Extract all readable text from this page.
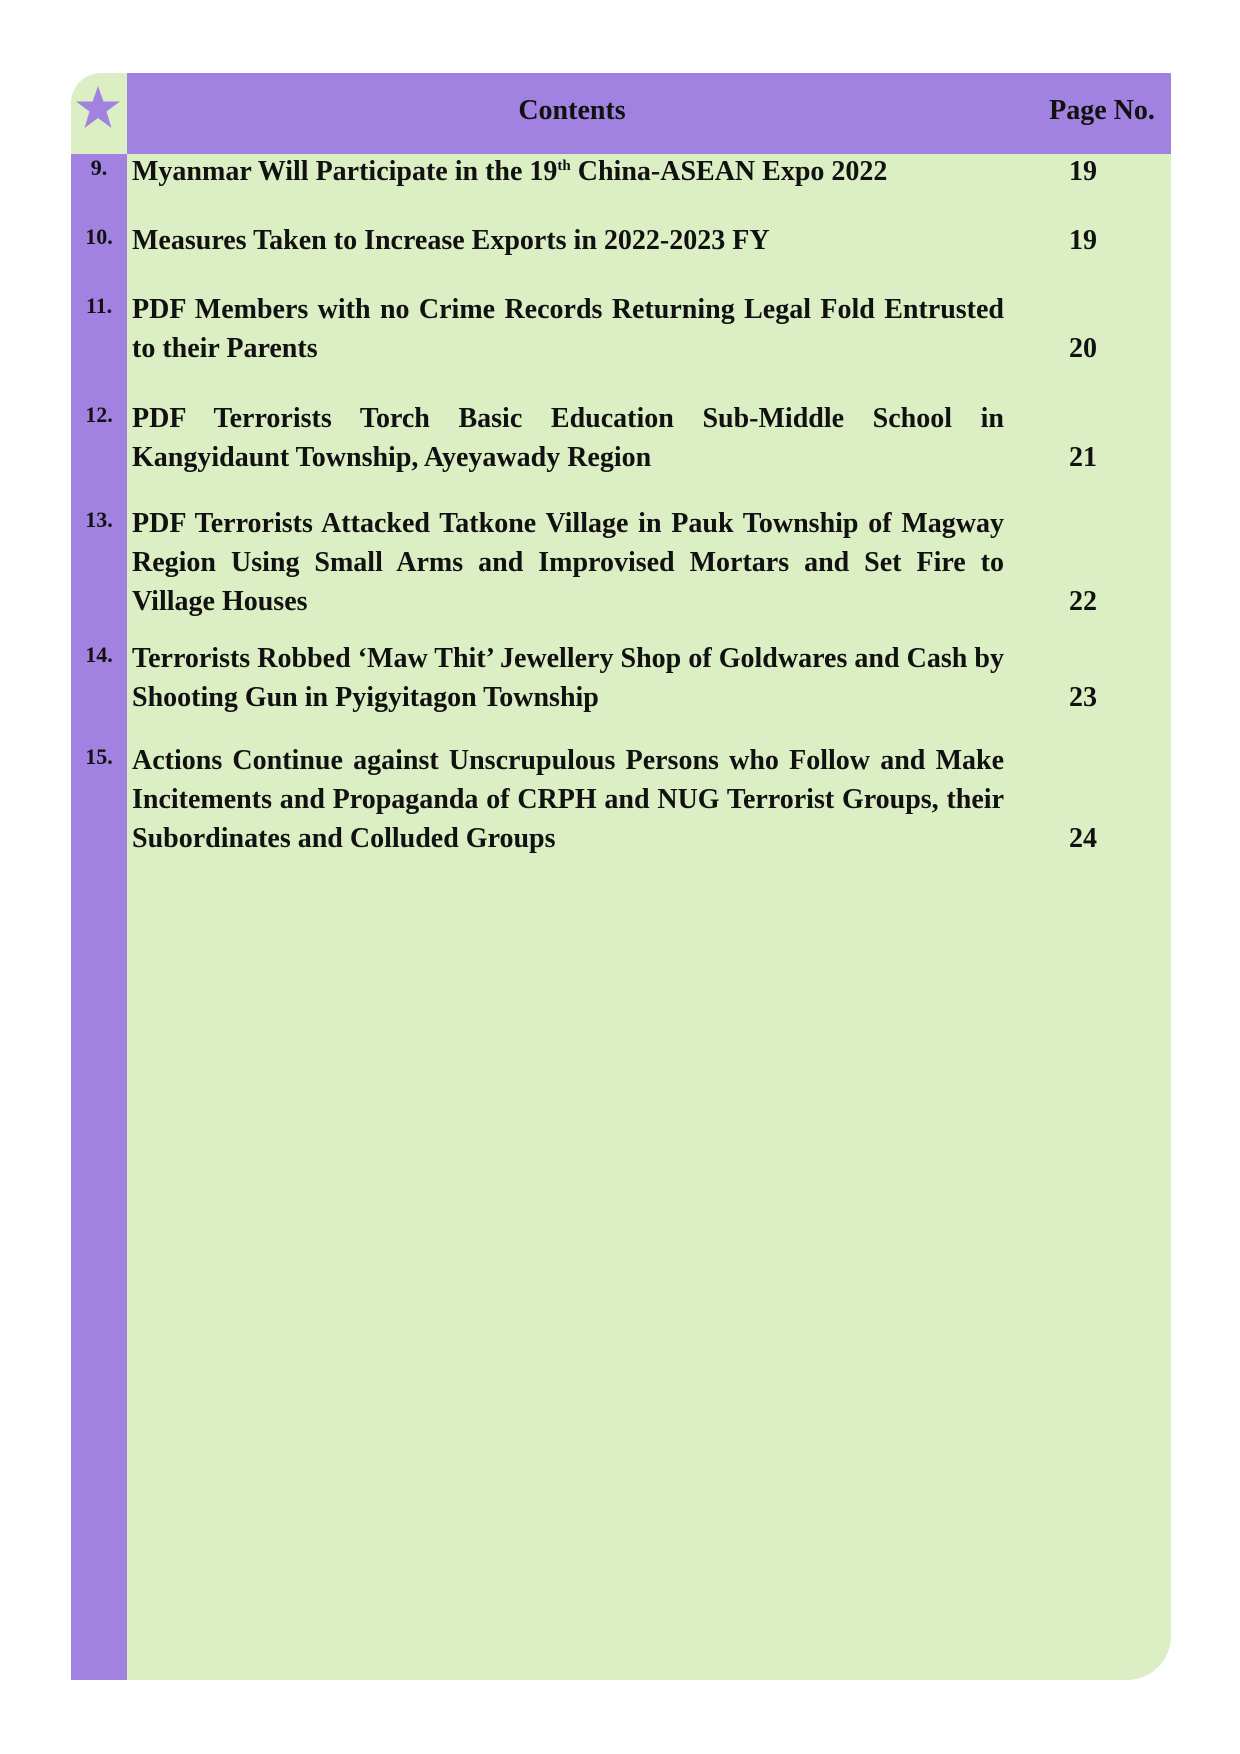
Contents	Page No.
9. Myanmar Will Participate in the 19th China-ASEAN Expo 2022	19
10. Measures Taken to Increase Exports in 2022-2023 FY	19
11. PDF Members with no Crime Records Returning Legal Fold Entrusted to their Parents	20
12. PDF Terrorists Torch Basic Education Sub-Middle School in Kangyidaunt Township, Ayeyawady Region	21
13. PDF Terrorists Attacked Tatkone Village in Pauk Township of Magway Region Using Small Arms and Improvised Mortars and Set Fire to Village Houses	22
14. Terrorists Robbed ‘Maw Thit’ Jewellery Shop of Goldwares and Cash by Shooting Gun in Pyigyitagon Township	23
15. Actions Continue against Unscrupulous Persons who Follow and Make Incitements and Propaganda of CRPH and NUG Terrorist Groups, their Subordinates and Colluded Groups	24
